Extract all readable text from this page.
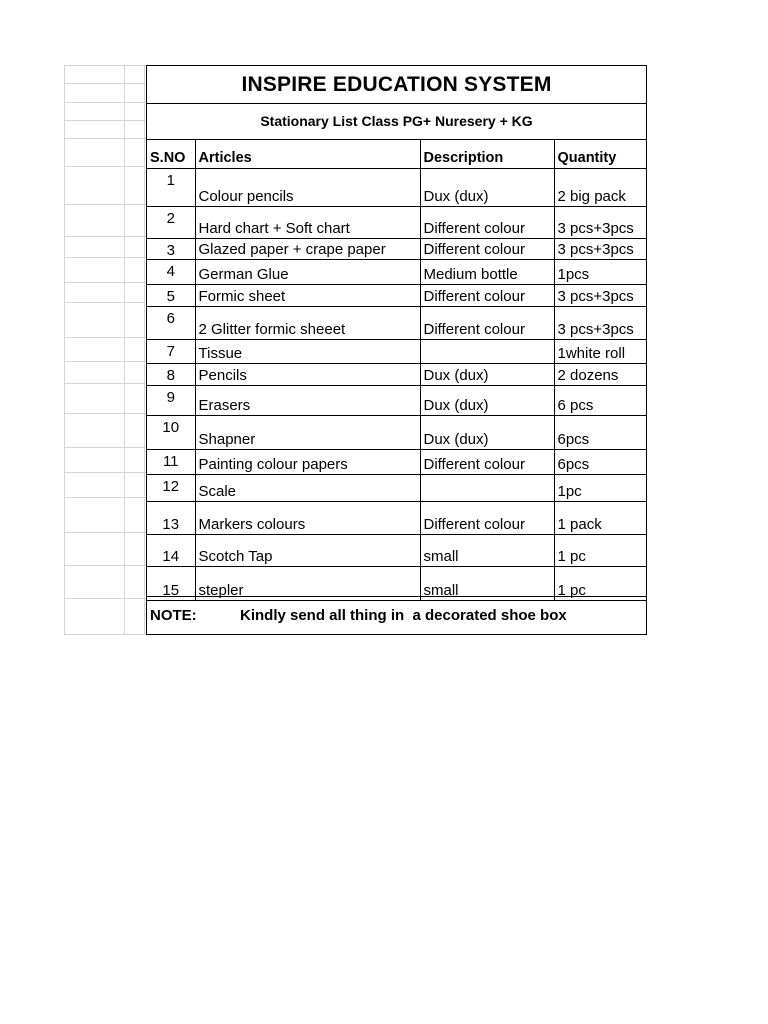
INSPIRE EDUCATION SYSTEM
Stationary List Class PG+ Nuresery + KG
S.NO	Articles	Description	Quantity
1	Colour pencils	Dux (dux)	2 big pack
2	Hard chart + Soft chart	Different colour	3 pcs+3pcs
3	Glazed paper + crape paper	Different colour	3 pcs+3pcs
4	German Glue	Medium bottle	1pcs
5	Formic sheet	Different colour	3 pcs+3pcs
6	2 Glitter formic sheeet	Different colour	3 pcs+3pcs
7	Tissue		1white roll
8	Pencils	Dux (dux)	2 dozens
9	Erasers	Dux (dux)	6 pcs
10	Shapner	Dux (dux)	6pcs
11	Painting colour papers	Different colour	6pcs
12	Scale		1pc
13	Markers colours	Different colour	1 pack
14	Scotch Tap	small	1 pc
15	stepler	small	1 pc
NOTE:	Kindly send all thing in  a decorated shoe box
